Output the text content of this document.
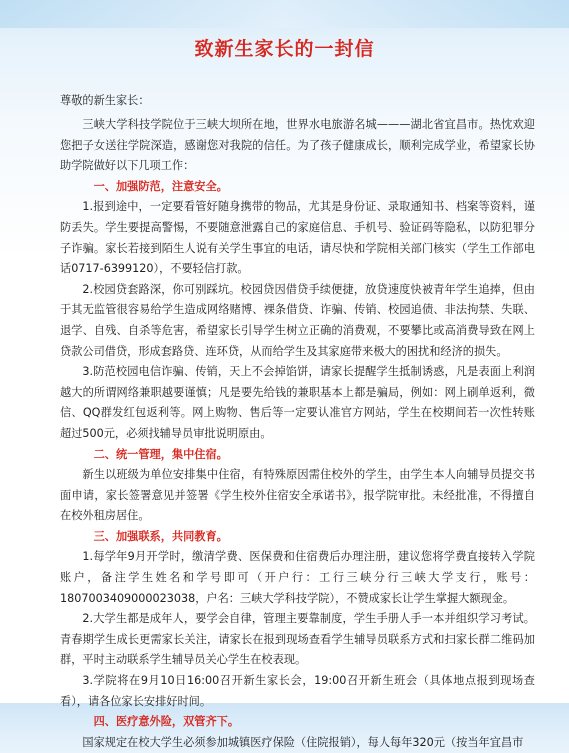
致新生家长的一封信
尊敬的新生家长：

三峡大学科技学院位于三峡大坝所在地，世界水电旅游名城———湖北省宜昌市。热忱欢迎您把子女送往学院深造，感谢您对我院的信任。为了孩子健康成长，顺利完成学业，希望家长协助学院做好以下几项工作：

一、加强防范，注意安全。

1.报到途中，一定要看管好随身携带的物品，尤其是身份证、录取通知书、档案等资料，谨防丢失。学生要提高警惕，不要随意泄露自己的家庭信息、手机号、验证码等隐私，以防犯罪分子诈骗。家长若接到陌生人说有关学生事宜的电话，请尽快和学院相关部门核实（学生工作部电话0717-6399120），不要轻信打款。

2.校园贷套路深，你可别踩坑。校园贷因借贷手续便捷，放贷速度快被青年学生追捧，但由于其无监管很容易给学生造成网络赌博、裸条借贷、诈骗、传销、校园追债、非法拘禁、失联、退学、自残、自杀等危害，希望家长引导学生树立正确的消费观，不要攀比或高消费导致在网上贷款公司借贷，形成套路贷、连环贷，从而给学生及其家庭带来极大的困扰和经济的损失。

3.防范校园电信诈骗、传销，天上不会掉馅饼，请家长提醒学生抵制诱惑，凡是表面上利润越大的所谓网络兼职越要谨慎；凡是要先给钱的兼职基本上都是骗局，例如：网上刷单返利，微信、QQ群发红包返利等。网上购物、售后等一定要认准官方网站，学生在校期间若一次性转账超过500元，必须找辅导员审批说明原由。

二、统一管理，集中住宿。

新生以班级为单位安排集中住宿，有特殊原因需住校外的学生，由学生本人向辅导员提交书面申请，家长签署意见并签署《学生校外住宿安全承诺书》，报学院审批。未经批准，不得擅自在校外租房居住。

三、加强联系，共同教育。

1.每学年9月开学时，缴清学费、医保费和住宿费后办理注册，建议您将学费直接转入学院账户，备注学生姓名和学号即可（开户行：工行三峡分行三峡大学支行，账号：1807003409000023038，户名：三峡大学科技学院），不赞成家长让学生掌握大额现金。

2.大学生都是成年人，要学会自律，管理主要靠制度，学生手册人手一本并组织学习考试。青春期学生成长更需家长关注，请家长在报到现场查看学生辅导员联系方式和扫家长群二维码加群，平时主动联系学生辅导员关心学生在校表现。

3.学院将在9月10日16:00召开新生家长会，19:00召开新生班会（具体地点报到现场查看），请各位家长安排好时间。

四、医疗意外险，双管齐下。

国家规定在校大学生必须参加城镇医疗保险（住院报销），每人每年320元（按当年宜昌市
